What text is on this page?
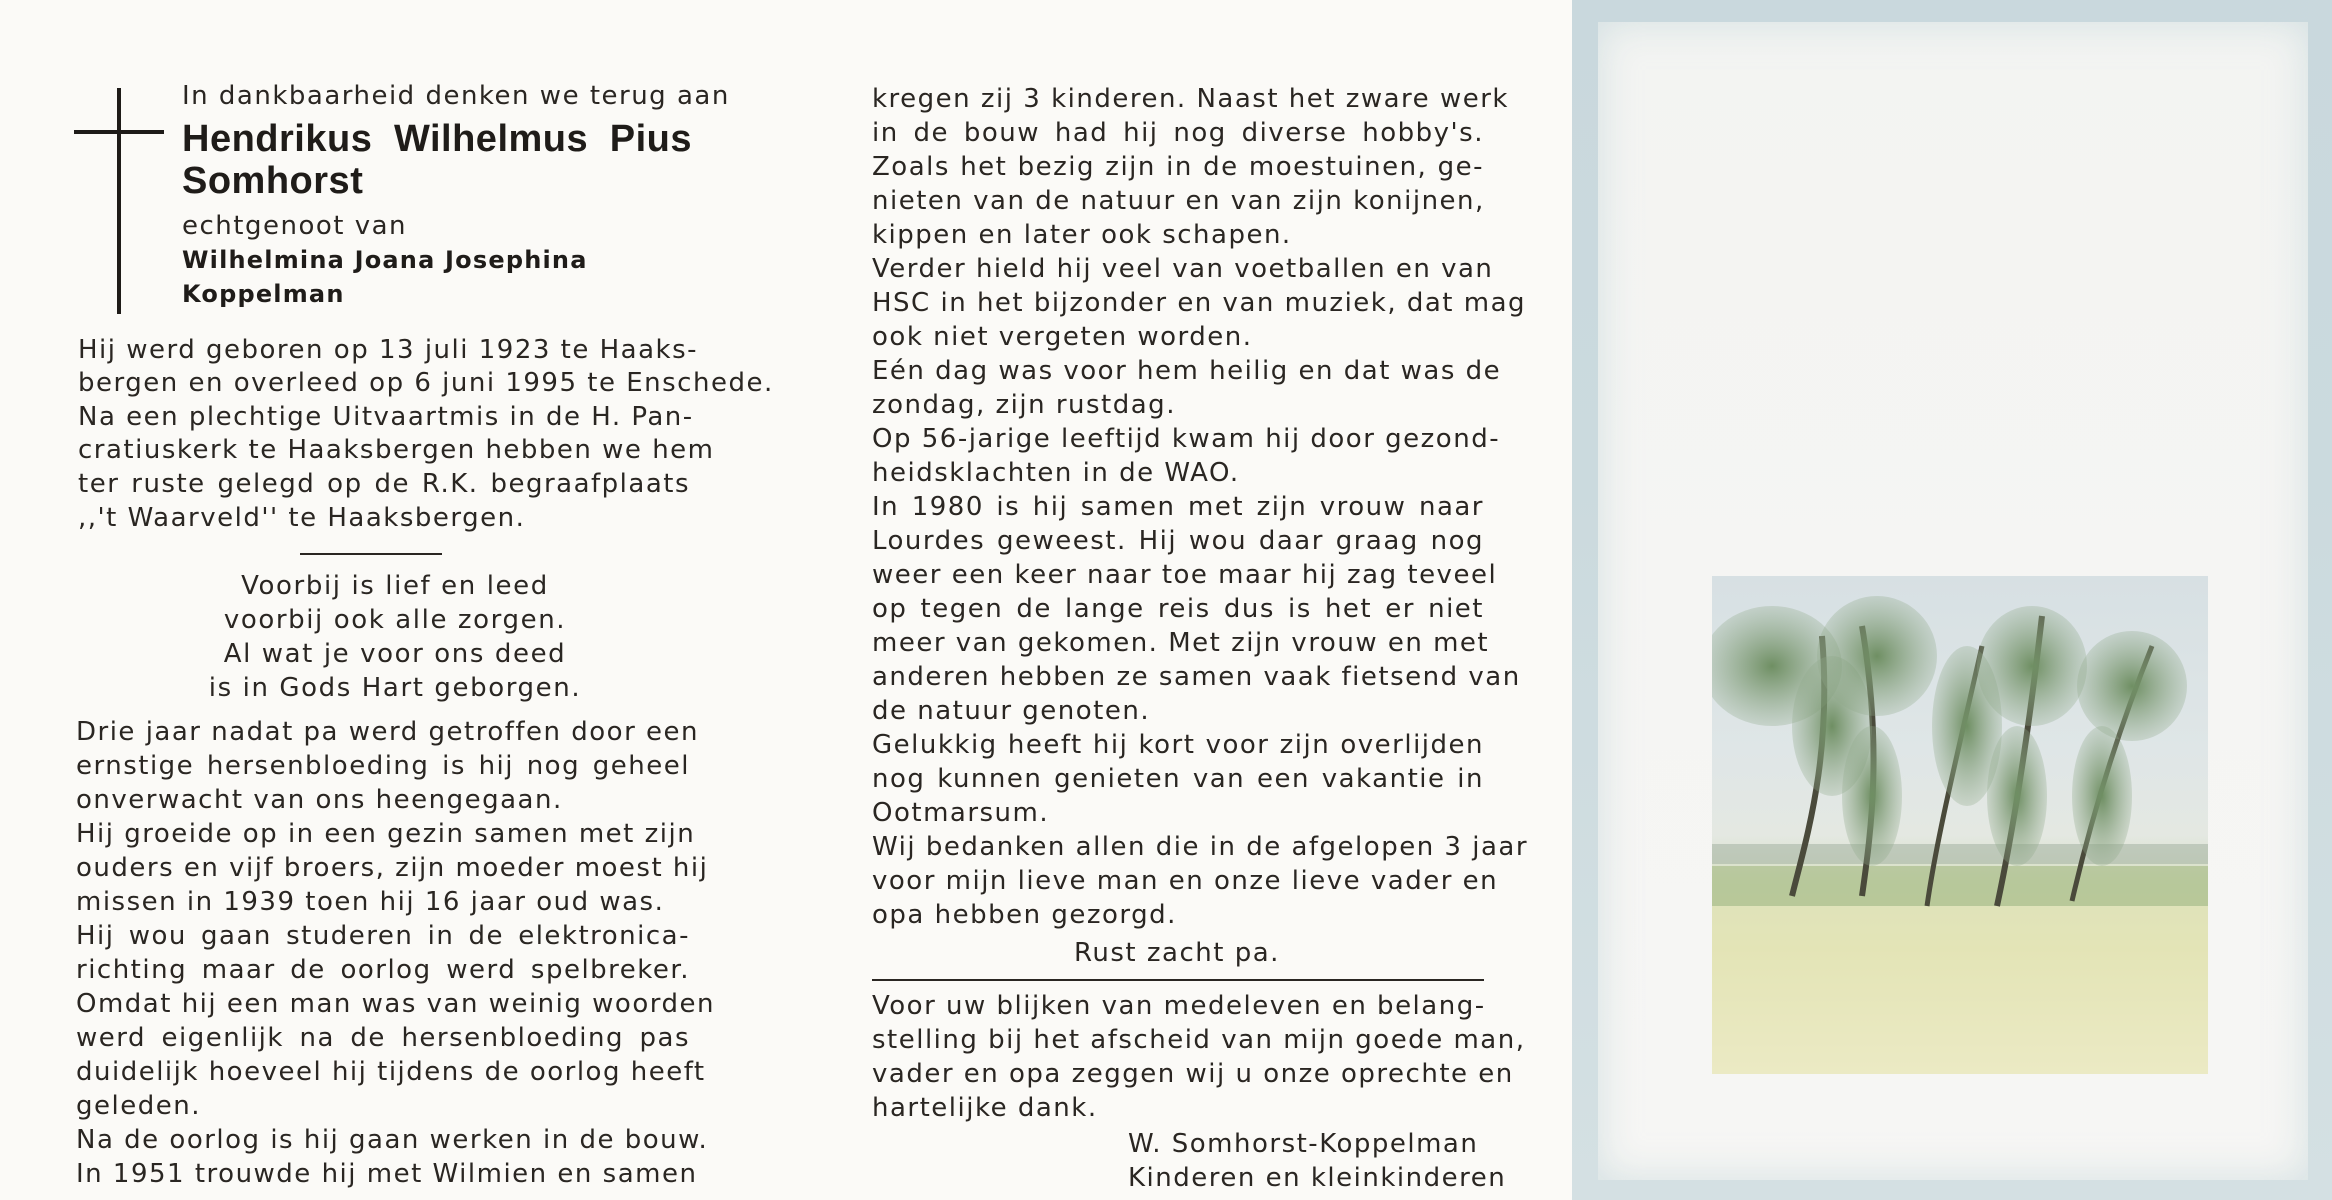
In dankbaarheid denken we terug aan
Hendrikus Wilhelmus Pius
Somhorst
echtgenoot van
Wilhelmina Joana Josephina
Koppelman
Hij werd geboren op 13 juli 1923 te Haaks-
bergen en overleed op 6 juni 1995 te Enschede.
Na een plechtige Uitvaartmis in de H. Pan-
cratiuskerk te Haaksbergen hebben we hem
ter ruste gelegd op de R.K. begraafplaats
,,'t Waarveld'' te Haaksbergen.
Voorbij is lief en leed
voorbij ook alle zorgen.
Al wat je voor ons deed
is in Gods Hart geborgen.
Drie jaar nadat pa werd getroffen door een
ernstige hersenbloeding is hij nog geheel
onverwacht van ons heengegaan.
Hij groeide op in een gezin samen met zijn
ouders en vijf broers, zijn moeder moest hij
missen in 1939 toen hij 16 jaar oud was.
Hij wou gaan studeren in de elektronica-
richting maar de oorlog werd spelbreker.
Omdat hij een man was van weinig woorden
werd eigenlijk na de hersenbloeding pas
duidelijk hoeveel hij tijdens de oorlog heeft
geleden.
Na de oorlog is hij gaan werken in de bouw.
In 1951 trouwde hij met Wilmien en samen
kregen zij 3 kinderen. Naast het zware werk
in de bouw had hij nog diverse hobby's.
Zoals het bezig zijn in de moestuinen, ge-
nieten van de natuur en van zijn konijnen,
kippen en later ook schapen.
Verder hield hij veel van voetballen en van
HSC in het bijzonder en van muziek, dat mag
ook niet vergeten worden.
Eén dag was voor hem heilig en dat was de
zondag, zijn rustdag.
Op 56-jarige leeftijd kwam hij door gezond-
heidsklachten in de WAO.
In 1980 is hij samen met zijn vrouw naar
Lourdes geweest. Hij wou daar graag nog
weer een keer naar toe maar hij zag teveel
op tegen de lange reis dus is het er niet
meer van gekomen. Met zijn vrouw en met
anderen hebben ze samen vaak fietsend van
de natuur genoten.
Gelukkig heeft hij kort voor zijn overlijden
nog kunnen genieten van een vakantie in
Ootmarsum.
Wij bedanken allen die in de afgelopen 3 jaar
voor mijn lieve man en onze lieve vader en
opa hebben gezorgd.
Rust zacht pa.
Voor uw blijken van medeleven en belang-
stelling bij het afscheid van mijn goede man,
vader en opa zeggen wij u onze oprechte en
hartelijke dank.
W. Somhorst-Koppelman
Kinderen en kleinkinderen
